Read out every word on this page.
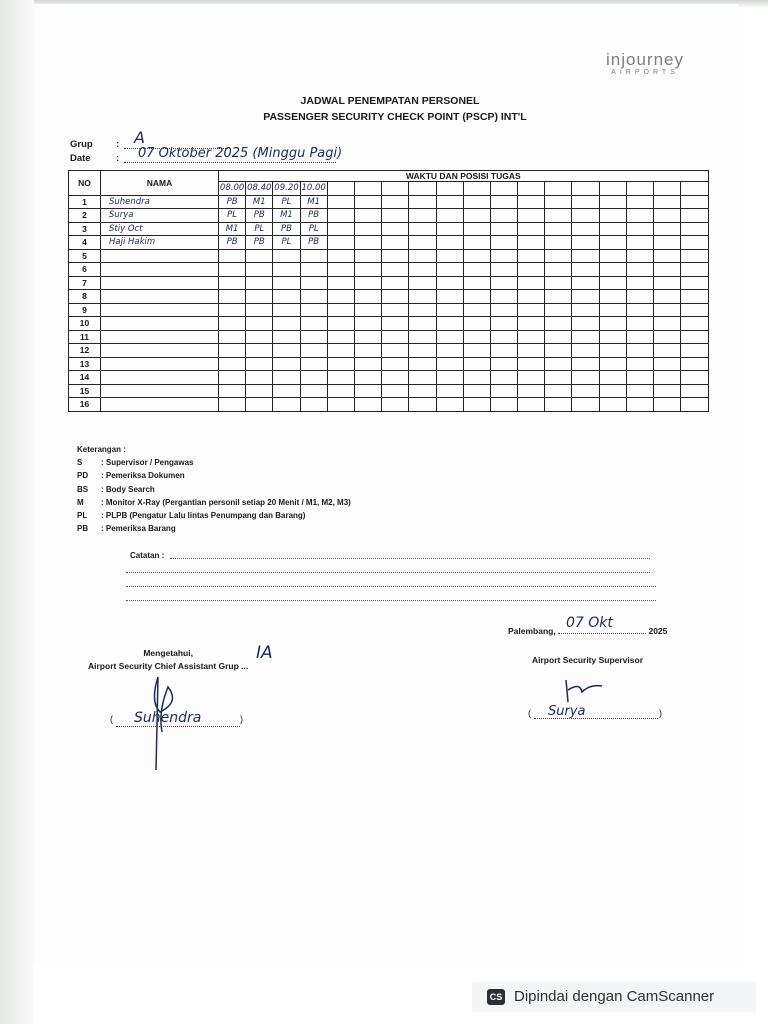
injourney
AIRPORTS
JADWAL PENEMPATAN PERSONEL
PASSENGER SECURITY CHECK POINT (PSCP) INT'L
Grup :
Date	:
A
07 Oktober 2025 (Minggu Pagi)
NO	NAMA	WAKTU DAN POSISI TUGAS																	
		08.00	08.40	09.20	10.00														
1	Suhendra	PB	M1	PL	M1														
2	Surya	PL	PB	M1	PB														
3	Stiy Oct	M1	PL	PB	PL														
4	Haji Hakim	PB	PB	PL	PB														
5																			
6																			
7																			
8																			
9																			
10																			
11																			
12																			
13																			
14																			
15																			
16																			
Keterangan :
S : Supervisor / Pengawas
PD : Pemeriksa Dokumen
BS : Body Search
M : Monitor X-Ray (Pergantian personil setiap 20 Menit / M1, M2, M3)
PL : PLPB (Pengatur Lalu lintas Penumpang dan Barang)
PB : Pemeriksa Barang
Catatan :
Mengetahui,
Airport Security Chief Assistant Grup ...
IA
( Suhendra	)
Palembang,	2025
07 Okt
Airport Security Supervisor
( Surya	)
CS Dipindai dengan CamScanner
